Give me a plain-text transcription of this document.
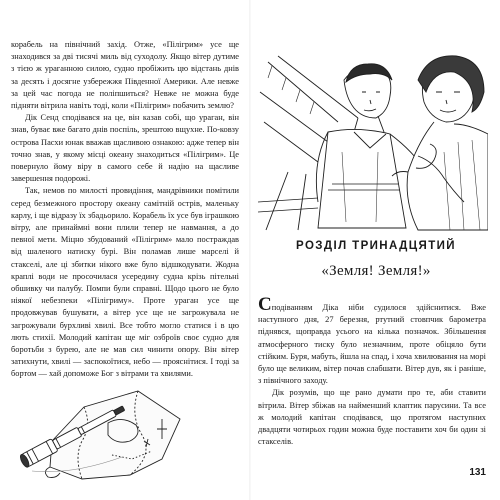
корабель на північний захід. Отже, «Пілігрим» усе ще знаходився за дві тисячі миль від суходолу. Якщо вітер дутиме з тією ж ураганною силою, судно пробіжить цю відстань днів за десять і досягне узбережжя Південної Америки. Але невже за цей час погода не поліпшиться? Невже не можна буде підняти вітрила навіть тоді, коли «Пілігрим» побачить землю?

Дік Сенд сподівався на це, він казав собі, що ураган, він знав, буває вже багато днів поспіль, зрештою вщухне. По-ковзу острова Пасхи юнак вважав щасливою ознакою: адже тепер він точно знав, у якому місці океану знаходиться «Пілігрим». Це повернуло йому віру в самого себе й надію на щасливе завершення подорожі.

Так, немов по милості провидіння, мандрівники помітили серед безмежного простору океану самітній острів, маленьку карлу, і ще відразу їх збадьорило. Корабель їх усе був іграшкою вітру, але принаймні вони плили тепер не навмання, а до певної мети. Міцно збудований «Пілігрим» мало постраждав від шаленого натиску бурі. Він поламав лише марселі й стакселі, але ці збитки нікого вже було відшкодувати. Жодна краплі води не просочилася усередину судна крізь пітельні обшивку чи палубу. Помпи були справні. Щодо цього не було ніякої небезпеки «Пілігриму». Проте ураган усе ще продовжував бушувати, а вітер усе ще не загрожувала не загрожували бурхливі хвилі. Все тобто могло статися і в цю лють стихії. Молодий капітан ще міг озброїв своє судно для боротьби з бурею, але не мав сил чинити опору. Він вітер затихнути, хвилі — заспокоїтися, небо — прояснітися. І тоді за бортом — хай допоможе Бог з вітрами та хвилями.

РОЗДІЛ ТРИНАДЦЯТИЙ
«Земля! Земля!»

Сподіванням Діка ніби судилося здійснитися. Вже наступного дня, 27 березня, ртутний стовпчик барометра піднявся, щоправда усього на кілька позначок. Збільшення атмосферного тиску було незначним, проте обіцяло бути стійким. Буря, мабуть, йшла на спад, і хоча хвилювання на морі було ще великим, вітер почав слабшати. Вітер дув, як і раніше, з північного заходу.

Дік розумів, що ще рано думати про те, аби ставити вітрила. Вітер збіжав на найменший клаптик парусини. Та все ж молодий капітан сподівався, що протягом наступних двадцяти чотирьох годин можна буде поставити хоч би один зі стакселів.

131
